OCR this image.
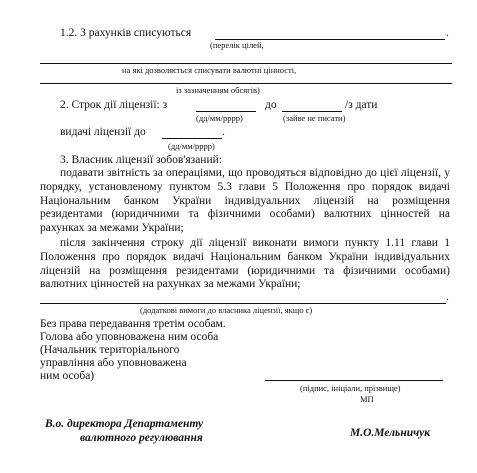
1.2. З рахунків списуються	.
(перелік цілей,
на які дозволяється списувати валютні цінності,
із зазначенням обсягів)
2. Строк дії ліцензії: з	до	/з дати
(дд/мм/рррр)	(зайве не писати)
видачі ліцензії до	.
(дд/мм/рррр)
3. Власник ліцензії зобов'язаний:
подавати звітність за операціями, що проводяться відповідно до цієї ліцензії, у порядку, установленому пунктом 5.3 глави 5 Положення про порядок видачі Національним банком України індивідуальних ліцензій на розміщення резидентами (юридичними та фізичними особами) валютних цінностей на рахунках за межами України;
після закінчення строку дії ліцензії виконати вимоги пункту 1.11 глави 1 Положення про порядок видачі Національним банком України індивідуальних ліцензій на розміщення резидентами (юридичними та фізичними особами) валютних цінностей на рахунках за межами України;
.
(додаткові вимоги до власника ліцензії, якщо є)
Без права передавання третім особам.
Голова або уповноважена ним особа
(Начальник територіального
управління або уповноважена
ним особа)
(підпис, ініціали, прізвище)
МП
В.о. директора Департаменту
валютного регулювання	М.О.Мельничук
